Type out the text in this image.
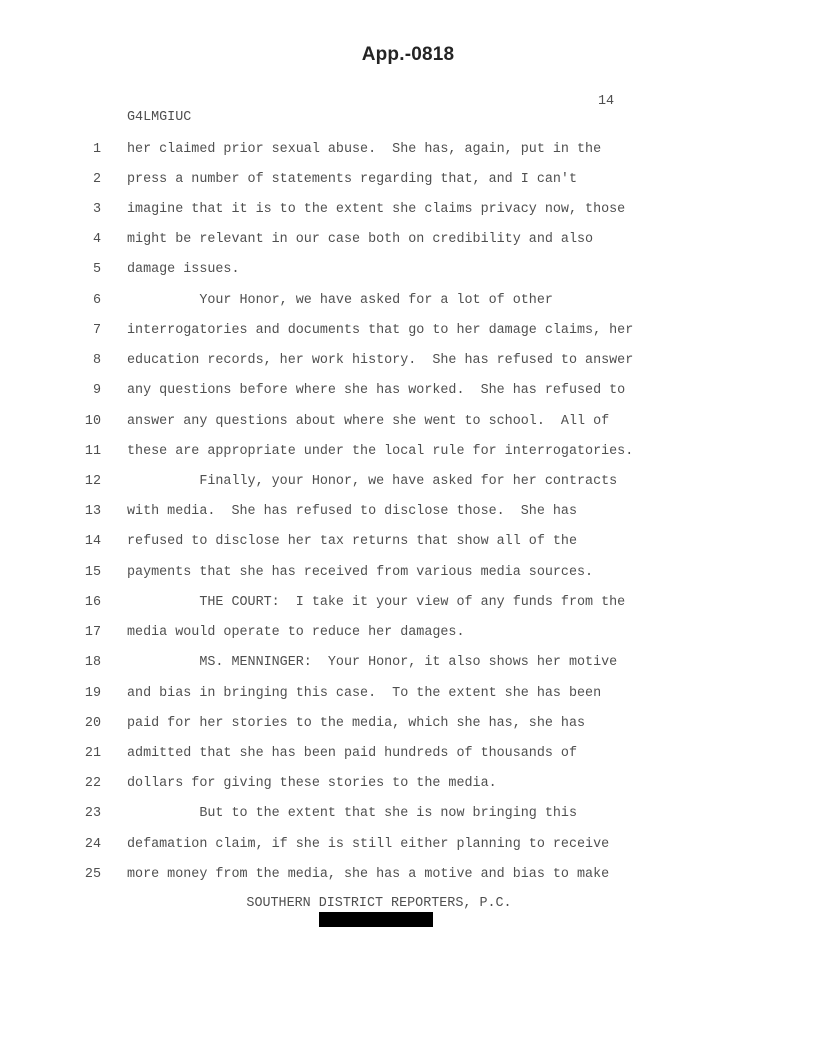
App.-0818
14
G4LMGIUC
1 her claimed prior sexual abuse.  She has, again, put in the
2 press a number of statements regarding that, and I can't
3 imagine that it is to the extent she claims privacy now, those
4 might be relevant in our case both on credibility and also
5 damage issues.
6 Your Honor, we have asked for a lot of other
7 interrogatories and documents that go to her damage claims, her
8 education records, her work history.  She has refused to answer
9 any questions before where she has worked.  She has refused to
10 answer any questions about where she went to school.  All of
11 these are appropriate under the local rule for interrogatories.
12 Finally, your Honor, we have asked for her contracts
13 with media.  She has refused to disclose those.  She has
14 refused to disclose her tax returns that show all of the
15 payments that she has received from various media sources.
16 THE COURT:  I take it your view of any funds from the
17 media would operate to reduce her damages.
18 MS. MENNINGER:  Your Honor, it also shows her motive
19 and bias in bringing this case.  To the extent she has been
20 paid for her stories to the media, which she has, she has
21 admitted that she has been paid hundreds of thousands of
22 dollars for giving these stories to the media.
23 But to the extent that she is now bringing this
24 defamation claim, if she is still either planning to receive
25 more money from the media, she has a motive and bias to make
SOUTHERN DISTRICT REPORTERS, P.C.
